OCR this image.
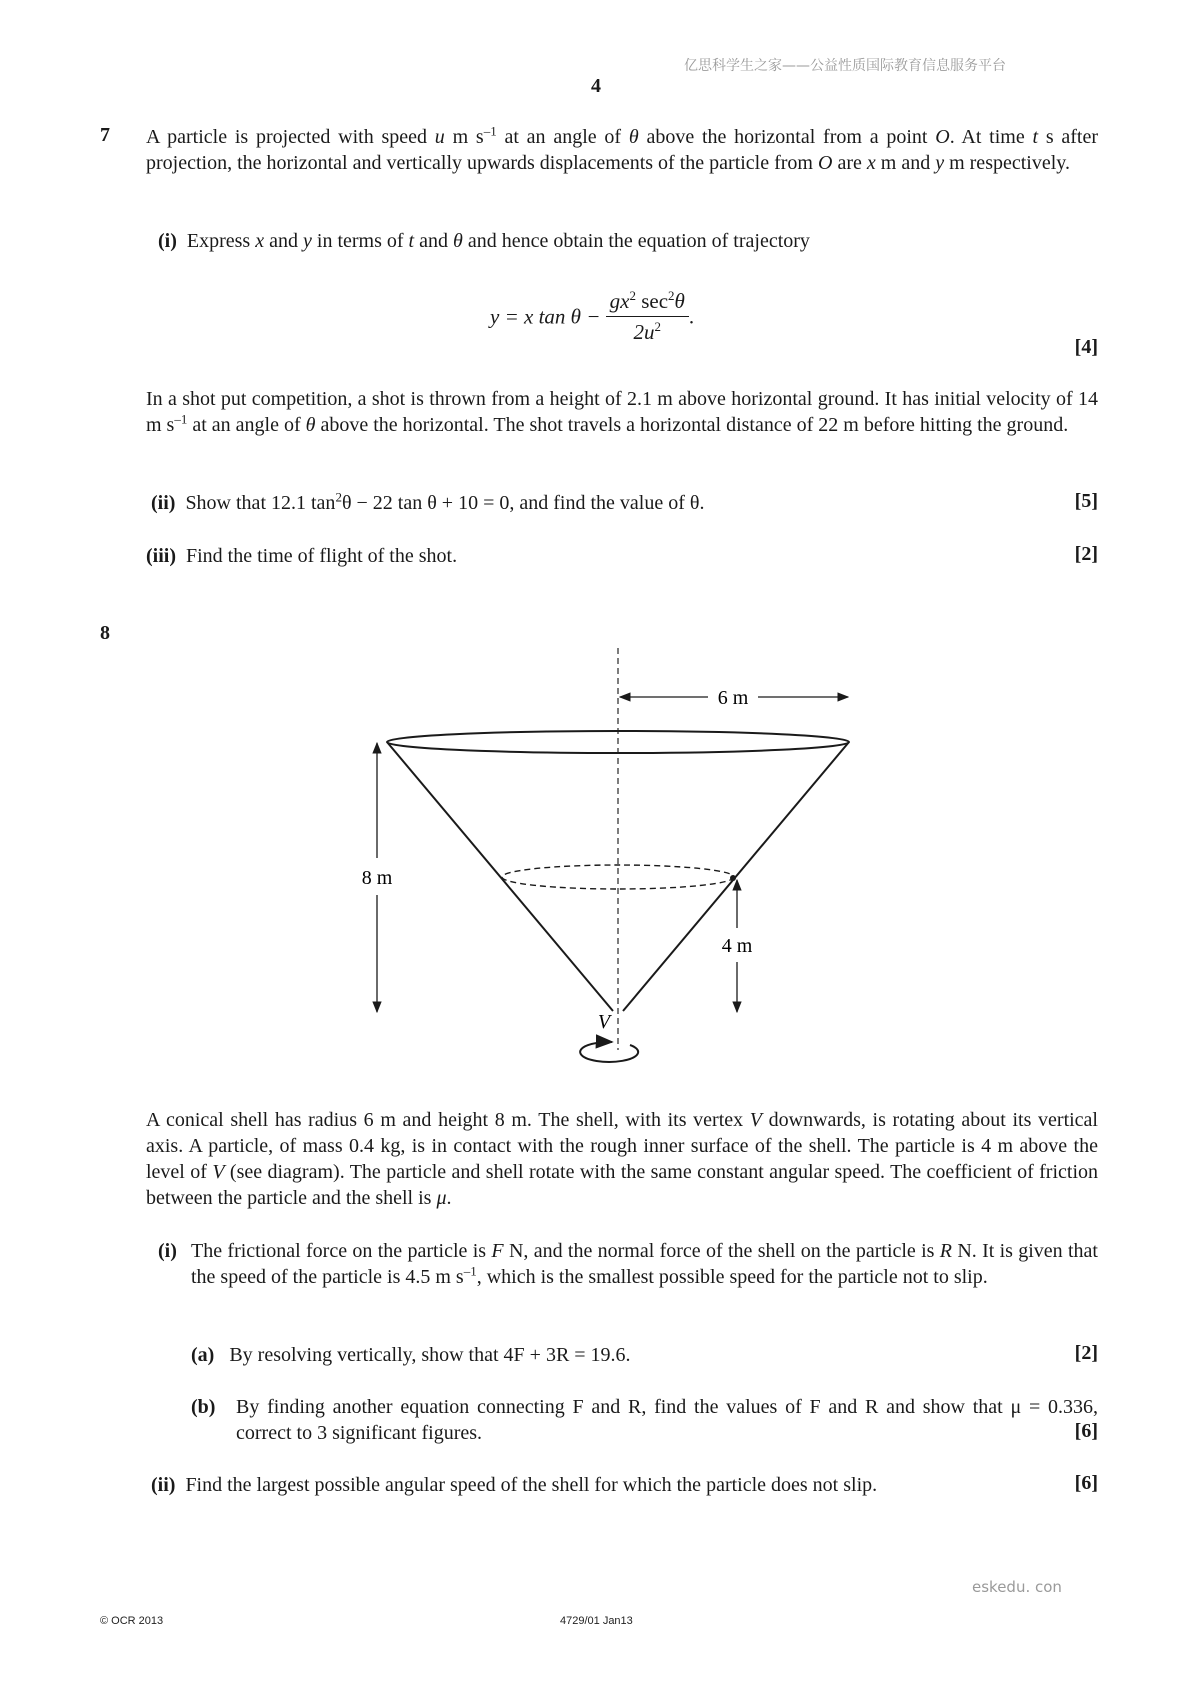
亿思科学生之家——公益性质国际教育信息服务平台
4
7 A particle is projected with speed u m $s^{-1}$ at an angle of θ above the horizontal from a point O. At time t s after projection, the horizontal and vertically upwards displacements of the particle from O are x m and y m respectively.
(i) Express x and y in terms of t and θ and hence obtain the equation of trajectory
y = x $\tan \theta - \frac{gx^2 \sec^2\theta}{2u^2}$ .
[4]
In a shot put competition, a shot is thrown from a height of 2.1 m above horizontal ground. It has initial velocity of 14 m $s^{-1}$ at an angle of θ above the horizontal. The shot travels a horizontal distance of 22 m before hitting the ground.
(ii) Show that 12.1 $\tan^2\theta - 22$ tan θ + 10 = 0, and find the value of θ.	[5]
(iii) Find the time of flight of the shot.	[2]
8
6 m
8 m
4 m
V
A conical shell has radius 6 m and height 8 m. The shell, with its vertex V downwards, is rotating about its vertical axis. A particle, of mass 0.4 kg, is in contact with the rough inner surface of the shell. The particle is 4 m above the level of V (see diagram). The particle and shell rotate with the same constant angular speed. The coefficient of friction between the particle and the shell is μ.
(i) The frictional force on the particle is F N, and the normal force of the shell on the particle is R N. It is given that the speed of the particle is 4.5 m $s^{-1}$, which is the smallest possible speed for the particle not to slip.
(a) By resolving vertically, show that 4F + 3R = 19.6.	[2]
(b) By finding another equation connecting F and R, find the values of F and R and show that μ = 0.336, correct to 3 significant figures.	[6]
(ii) Find the largest possible angular speed of the shell for which the particle does not slip.	[6]
eskedu. con
© OCR 2013	4729/01 Jan13
